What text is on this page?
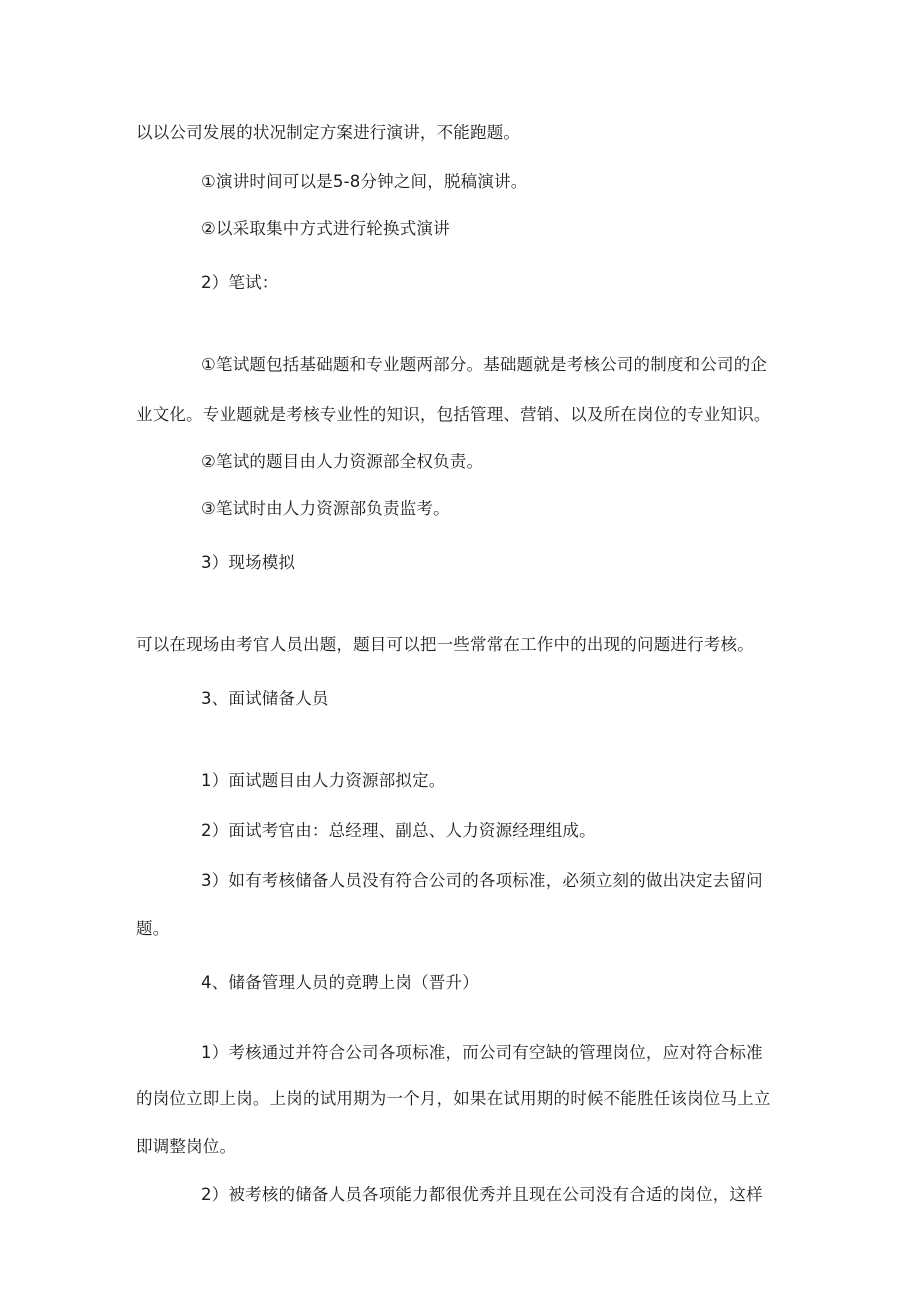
以以公司发展的状况制定方案进行演讲，不能跑题。
①演讲时间可以是5-8分钟之间，脱稿演讲。
②以采取集中方式进行轮换式演讲
2）笔试：
①笔试题包括基础题和专业题两部分。基础题就是考核公司的制度和公司的企
业文化。专业题就是考核专业性的知识，包括管理、营销、以及所在岗位的专业知识。
②笔试的题目由人力资源部全权负责。
③笔试时由人力资源部负责监考。
3）现场模拟
可以在现场由考官人员出题，题目可以把一些常常在工作中的出现的问题进行考核。
3、面试储备人员
1）面试题目由人力资源部拟定。
2）面试考官由：总经理、副总、人力资源经理组成。
3）如有考核储备人员没有符合公司的各项标准，必须立刻的做出决定去留问
题。
4、储备管理人员的竞聘上岗（晋升）
1）考核通过并符合公司各项标准，而公司有空缺的管理岗位，应对符合标准
的岗位立即上岗。上岗的试用期为一个月，如果在试用期的时候不能胜任该岗位马上立
即调整岗位。
2）被考核的储备人员各项能力都很优秀并且现在公司没有合适的岗位，这样
